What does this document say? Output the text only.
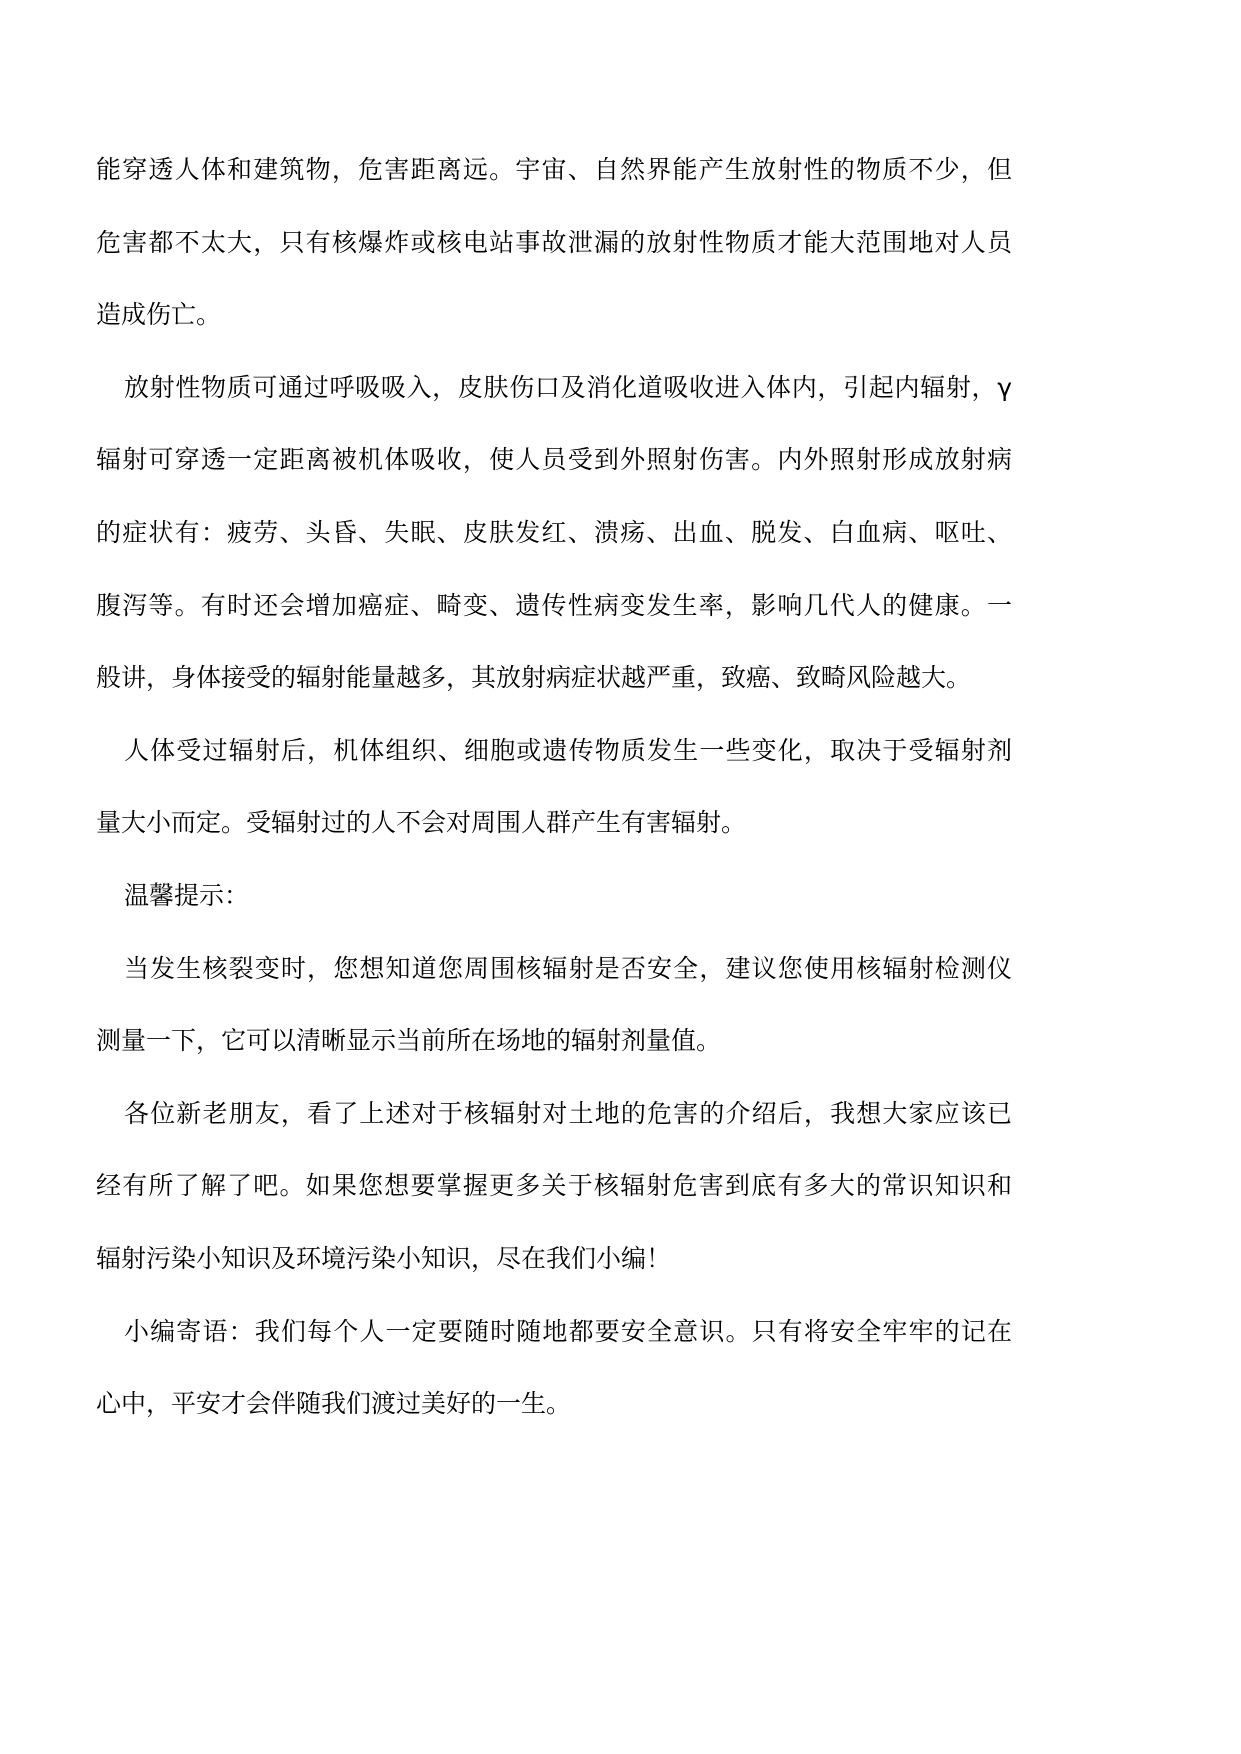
能穿透人体和建筑物，危害距离远。宇宙、自然界能产生放射性的物质不少，但
危害都不太大，只有核爆炸或核电站事故泄漏的放射性物质才能大范围地对人员
造成伤亡。
放射性物质可通过呼吸吸入，皮肤伤口及消化道吸收进入体内，引起内辐射，γ
辐射可穿透一定距离被机体吸收，使人员受到外照射伤害。内外照射形成放射病
的症状有：疲劳、头昏、失眠、皮肤发红、溃疡、出血、脱发、白血病、呕吐、
腹泻等。有时还会增加癌症、畸变、遗传性病变发生率，影响几代人的健康。一
般讲，身体接受的辐射能量越多，其放射病症状越严重，致癌、致畸风险越大。
人体受过辐射后，机体组织、细胞或遗传物质发生一些变化，取决于受辐射剂
量大小而定。受辐射过的人不会对周围人群产生有害辐射。
温馨提示：
当发生核裂变时，您想知道您周围核辐射是否安全，建议您使用核辐射检测仪
测量一下，它可以清晰显示当前所在场地的辐射剂量值。
各位新老朋友，看了上述对于核辐射对土地的危害的介绍后，我想大家应该已
经有所了解了吧。如果您想要掌握更多关于核辐射危害到底有多大的常识知识和
辐射污染小知识及环境污染小知识，尽在我们小编！
小编寄语：我们每个人一定要随时随地都要安全意识。只有将安全牢牢的记在
心中，平安才会伴随我们渡过美好的一生。
